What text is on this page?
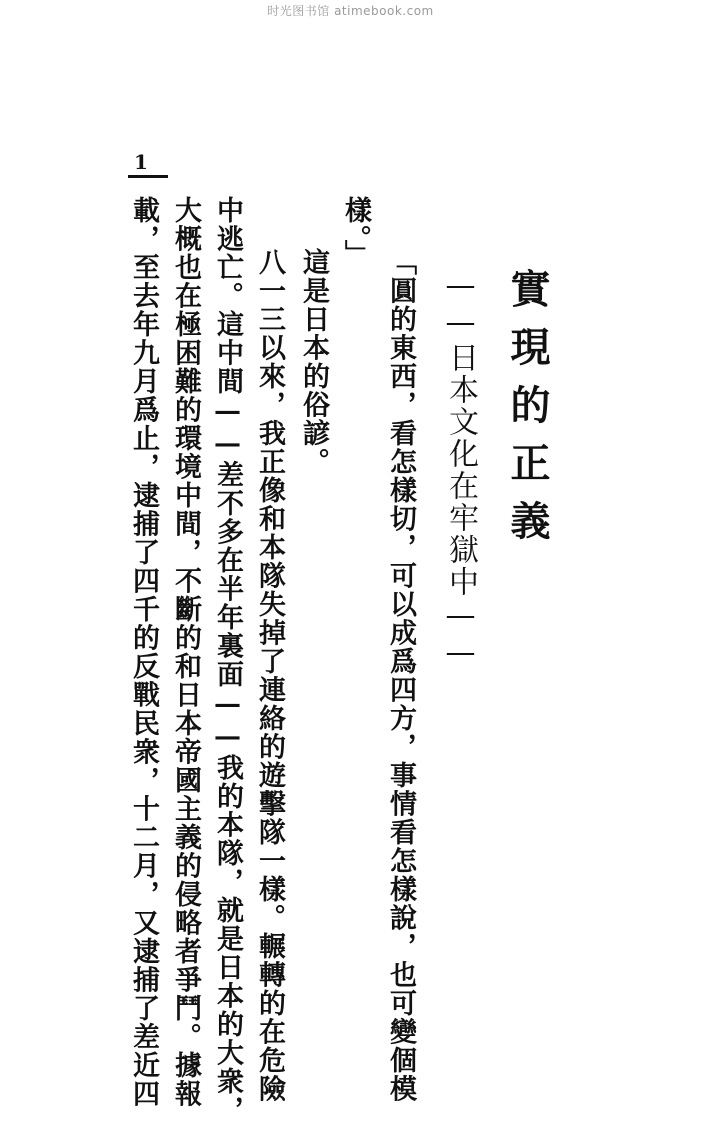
时光图书馆 atimebook.com
1
實現的正義
——日本文化在牢獄中——
「圓的東西，看怎樣切，可以成爲四方，事情看怎樣說，也可變個模
樣。」
這是日本的俗諺。
八一三以來，我正像和本隊失掉了連絡的遊擊隊一樣。輾轉的在危險
中逃亡。這中間——差不多在半年裏面——我的本隊，就是日本的大衆，
大概也在極困難的環境中間，不斷的和日本帝國主義的侵略者爭鬥。據報
載，至去年九月爲止，逮捕了四千的反戰民衆，十二月，又逮捕了差近四
